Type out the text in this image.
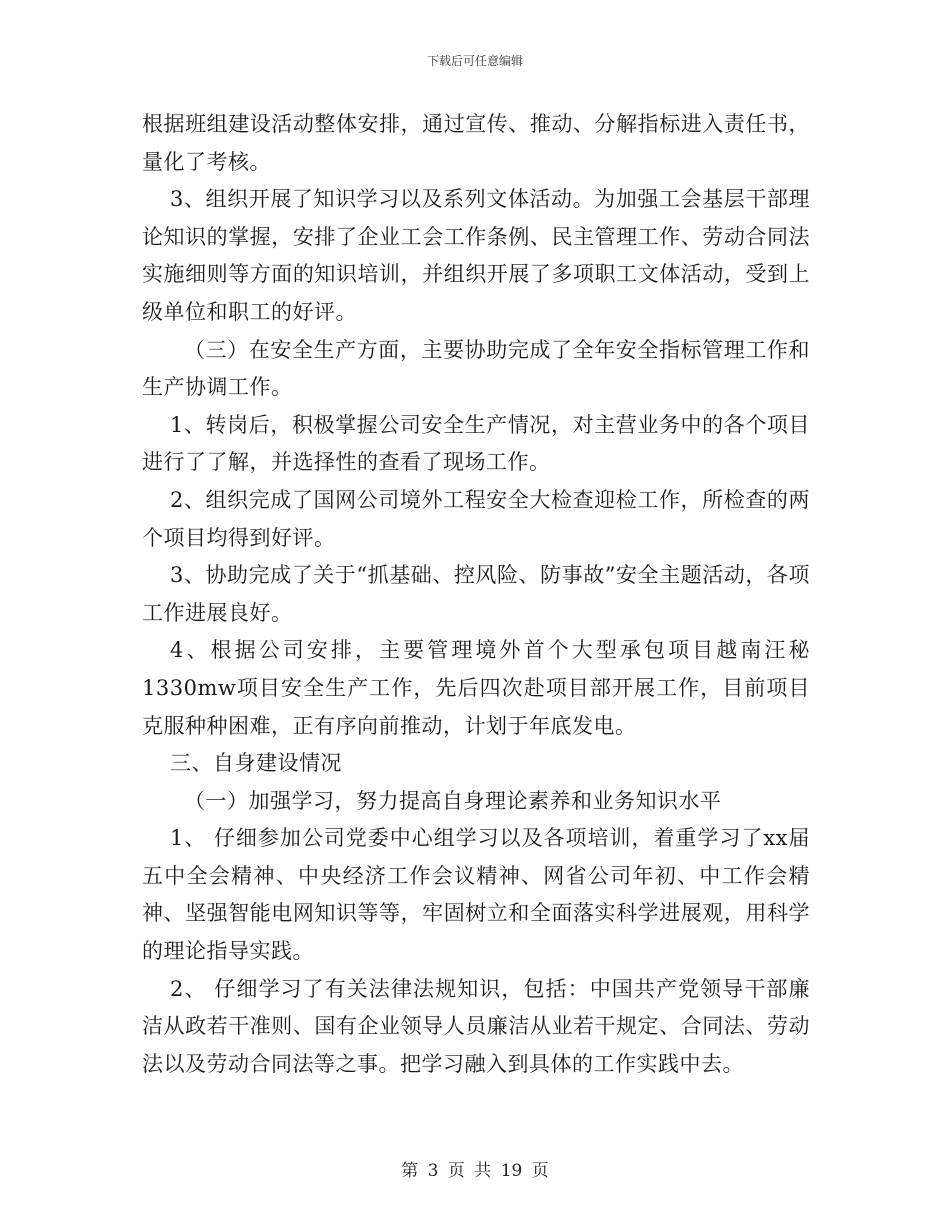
下载后可任意编辑

根据班组建设活动整体安排，通过宣传、推动、分解指标进入责任书，量化了考核。

3、组织开展了知识学习以及系列文体活动。为加强工会基层干部理论知识的掌握，安排了企业工会工作条例、民主管理工作、劳动合同法实施细则等方面的知识培训，并组织开展了多项职工文体活动，受到上级单位和职工的好评。

（三）在安全生产方面，主要协助完成了全年安全指标管理工作和生产协调工作。

1、转岗后，积极掌握公司安全生产情况，对主营业务中的各个项目进行了了解，并选择性的查看了现场工作。

2、组织完成了国网公司境外工程安全大检查迎检工作，所检查的两个项目均得到好评。

3、协助完成了关于“抓基础、控风险、防事故”安全主题活动，各项工作进展良好。

4、根据公司安排，主要管理境外首个大型承包项目越南汪秘1330mw项目安全生产工作，先后四次赴项目部开展工作，目前项目克服种种困难，正有序向前推动，计划于年底发电。

三、自身建设情况

（一）加强学习，努力提高自身理论素养和业务知识水平

1、 仔细参加公司党委中心组学习以及各项培训，着重学习了xx届五中全会精神、中央经济工作会议精神、网省公司年初、中工作会精神、坚强智能电网知识等等，牢固树立和全面落实科学进展观，用科学的理论指导实践。

2、 仔细学习了有关法律法规知识，包括：中国共产党领导干部廉洁从政若干准则、国有企业领导人员廉洁从业若干规定、合同法、劳动法以及劳动合同法等之事。把学习融入到具体的工作实践中去。

第 3 页 共 19 页
